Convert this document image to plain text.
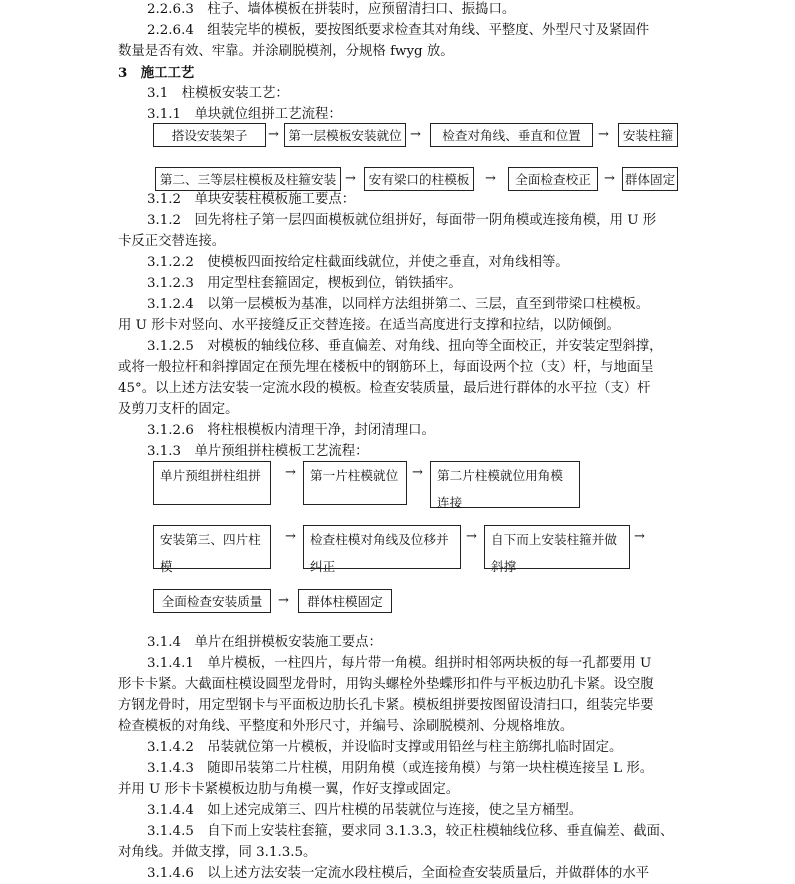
2.2.6.3　柱子、墙体模板在拼装时，应预留清扫口、振捣口。
2.2.6.4　组装完毕的模板，要按图纸要求检查其对角线、平整度、外型尺寸及紧固件
数量是否有效、牢靠。并涂刷脱模剂，分规格 fwyg 放。
3　施工工艺
3.1　柱模板安装工艺：
3.1.1　单块就位组拼工艺流程：
搭设安装架子	→ 第一层模板安装就位 →	检查对角线、垂直和位置	→	安装柱箍
第二、三等层柱模板及柱箍安装 →	安有梁口的柱模板	→	全面检查校正	→ 群体固定
3.1.2　单块安装柱模板施工要点：
3.1.2　回先将柱子第一层四面模板就位组拼好，每面带一阴角模或连接角模，用 U 形
卡反正交替连接。
3.1.2.2　使模板四面按给定柱截面线就位，并使之垂直，对角线相等。
3.1.2.3　用定型柱套箍固定，楔板到位，销铁插牢。
3.1.2.4　以第一层模板为基准，以同样方法组拼第二、三层，直至到带梁口柱模板。
用 U 形卡对竖向、水平接缝反正交替连接。在适当高度进行支撑和拉结，以防倾倒。
3.1.2.5　对模板的轴线位移、垂直偏差、对角线、扭向等全面校正，并安装定型斜撑，
或将一般拉杆和斜撑固定在预先埋在楼板中的钢筋环上，每面设两个拉（支）杆，与地面呈
45°。以上述方法安装一定流水段的模板。检查安装质量，最后进行群体的水平拉（支）杆
及剪刀支杆的固定。
3.1.2.6　将柱根模板内清理干净，封闭清理口。
3.1.3　单片预组拼柱模板工艺流程：
单片预组拼柱组拼	→	第一片柱模就位	→	第二片柱模就位用角模连接
安装第三、四片柱模
→	检查柱模对角线及位移并纠正
→	自下而上安装柱箍并做斜撑
→
全面检查安装质量	→	群体柱模固定
3.1.4　单片在组拼模板安装施工要点：
3.1.4.1　单片模板，一柱四片，每片带一角模。组拼时相邻两块板的每一孔都要用 U
形卡卡紧。大截面柱模设圆型龙骨时，用钩头螺栓外垫蝶形扣件与平板边肋孔卡紧。设空腹
方钢龙骨时，用定型钢卡与平面板边肋长孔卡紧。模板组拼要按图留设清扫口，组装完毕要
检查模板的对角线、平整度和外形尺寸，并编号、涂刷脱模剂、分规格堆放。
3.1.4.2　吊装就位第一片模板，并设临时支撑或用铅丝与柱主筋绑扎临时固定。
3.1.4.3　随即吊装第二片柱模，用阴角模（或连接角模）与第一块柱模连接呈 L 形。
并用 U 形卡卡紧模板边肋与角模一翼，作好支撑或固定。
3.1.4.4　如上述完成第三、四片柱模的吊装就位与连接，使之呈方桶型。
3.1.4.5　自下而上安装柱套箍，要求同 3.1.3.3，较正柱模轴线位移、垂直偏差、截面、
对角线。并做支撑，同 3.1.3.5。
3.1.4.6　以上述方法安装一定流水段柱模后，全面检查安装质量后，并做群体的水平
